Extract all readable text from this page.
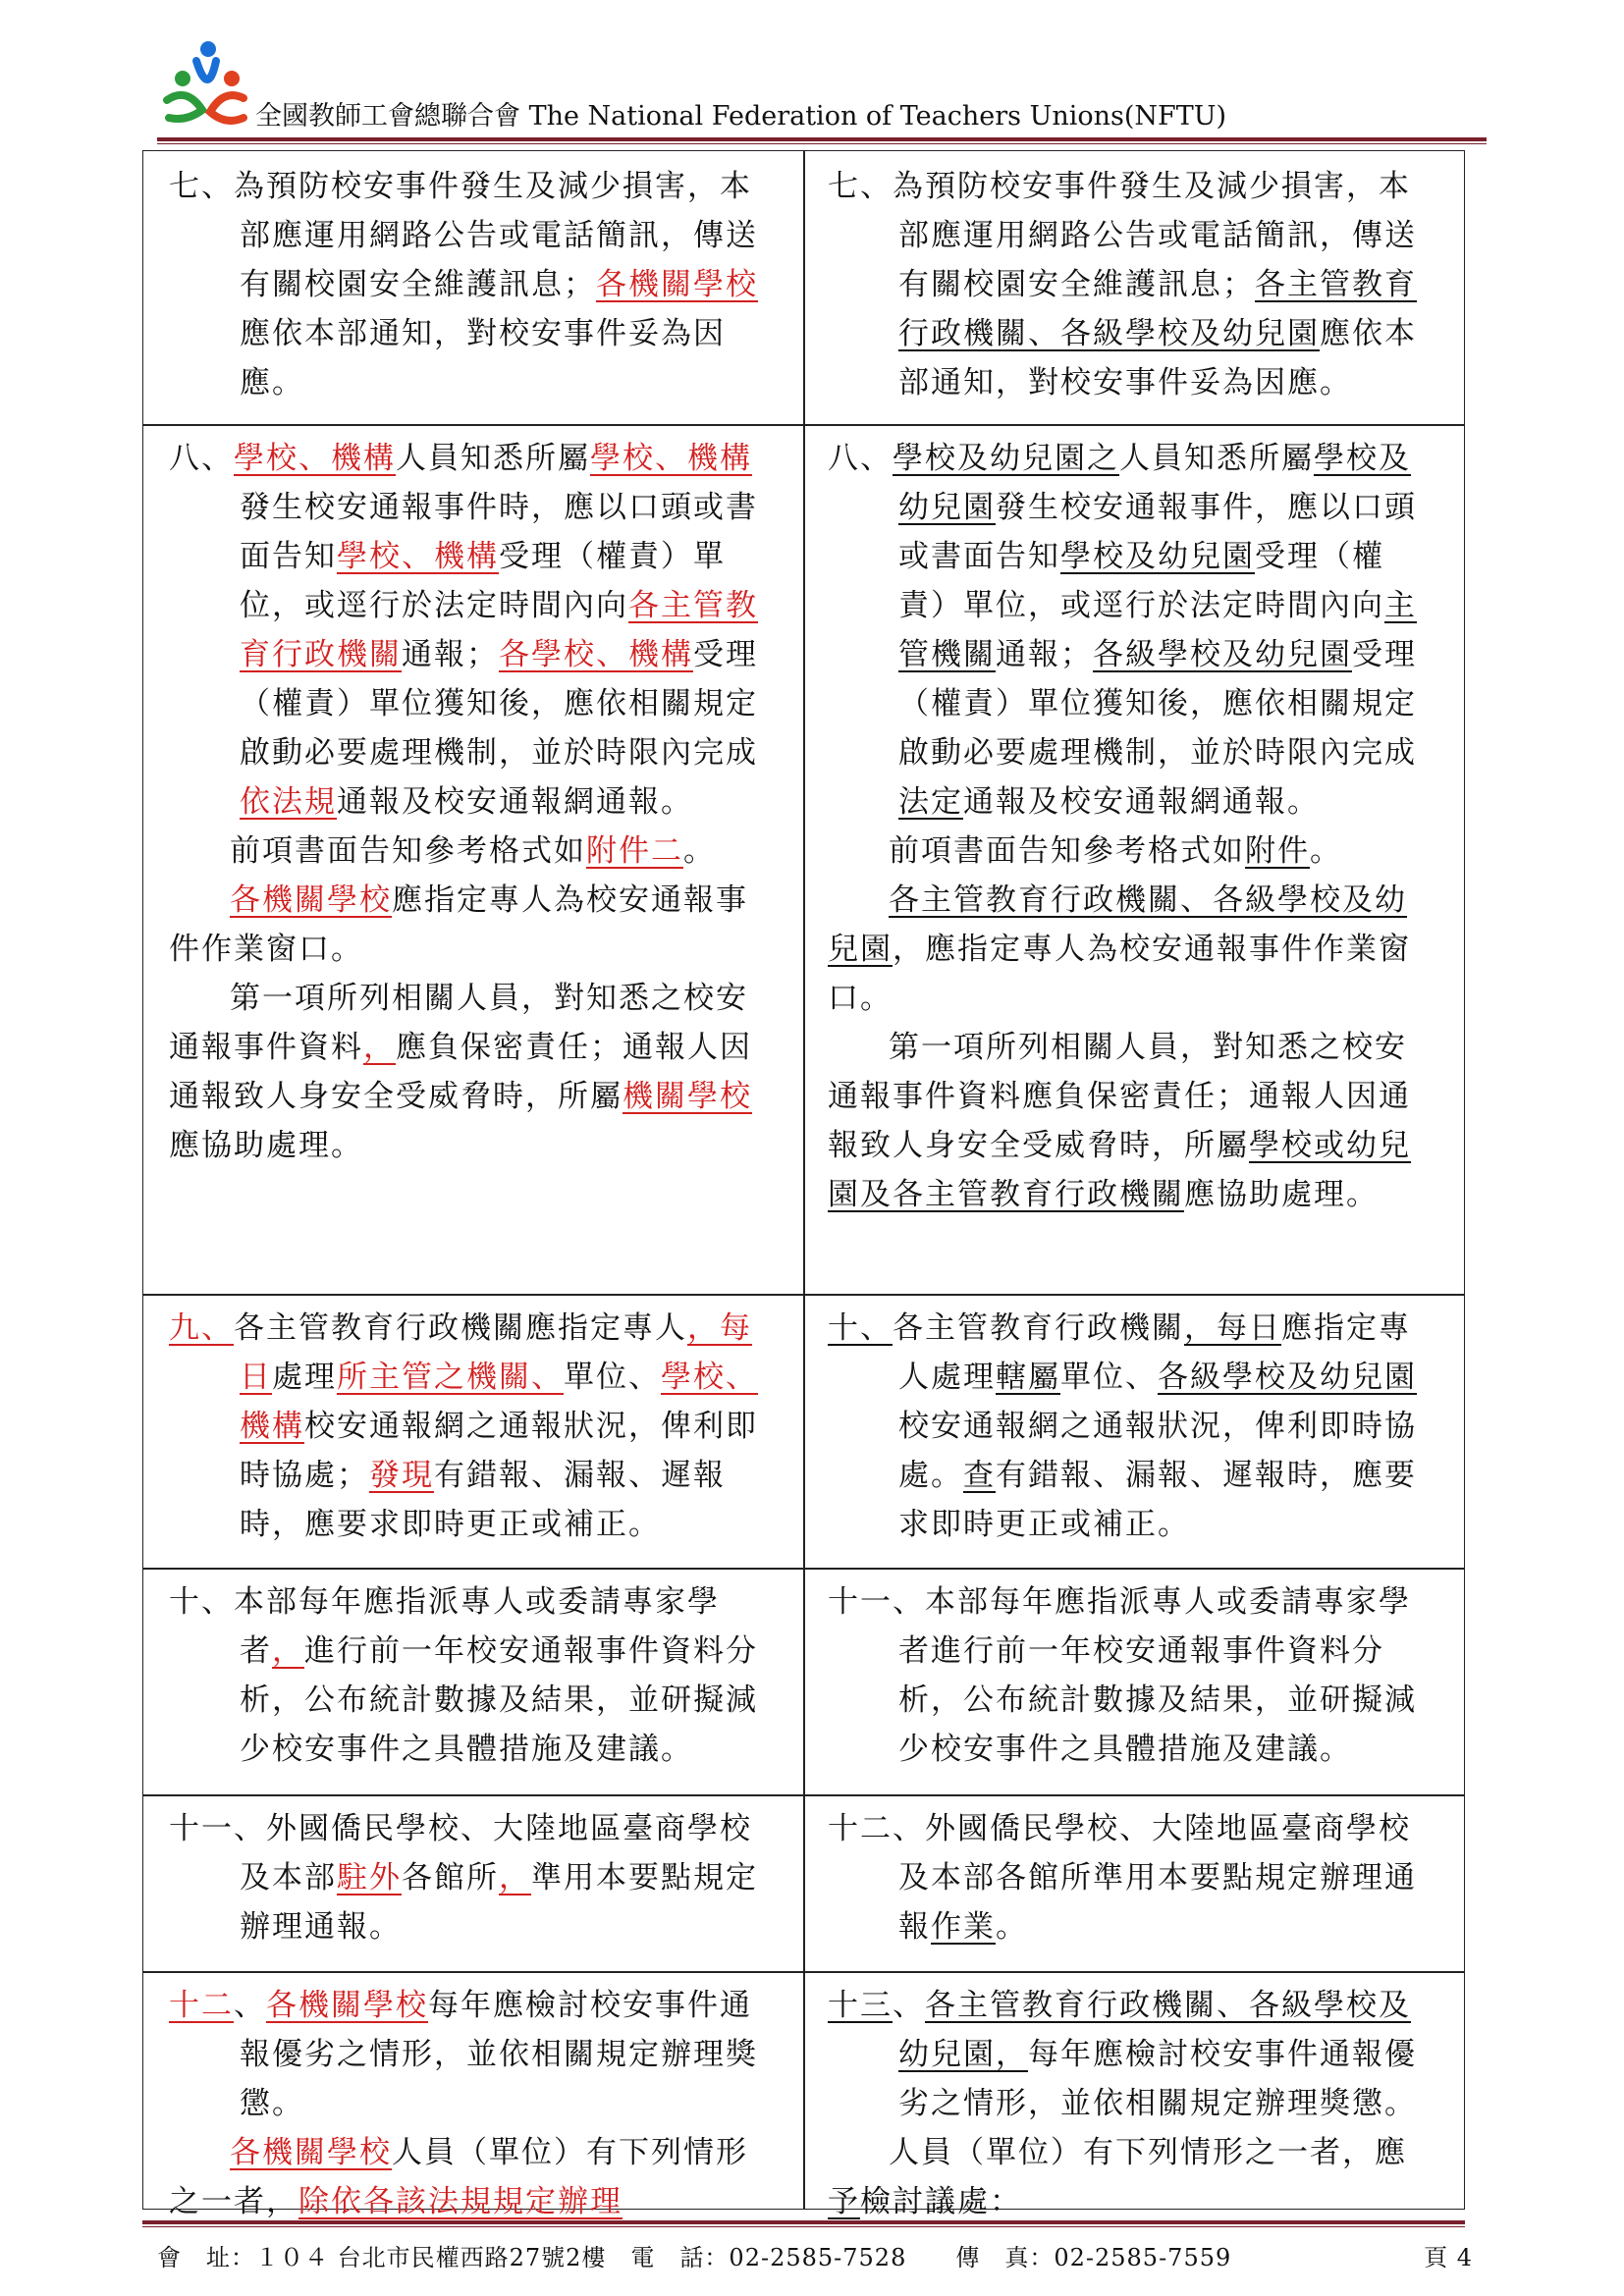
全國教師工會總聯合會 The National Federation of Teachers Unions(NFTU)

七、為預防校安事件發生及減少損害，本部應運用網路公告或電話簡訊，傳送有關校園安全維護訊息；各機關學校應依本部通知，對校安事件妥為因應。

七、為預防校安事件發生及減少損害，本部應運用網路公告或電話簡訊，傳送有關校園安全維護訊息；各主管教育行政機關、各級學校及幼兒園應依本部通知，對校安事件妥為因應。

八、學校、機構人員知悉所屬學校、機構發生校安通報事件時，應以口頭或書面告知學校、機構受理（權責）單位，或逕行於法定時間內向各主管教育行政機關通報；各學校、機構受理（權責）單位獲知後，應依相關規定啟動必要處理機制，並於時限內完成依法規通報及校安通報網通報。

前項書面告知參考格式如附件二。

各機關學校應指定專人為校安通報事件作業窗口。

第一項所列相關人員，對知悉之校安通報事件資料，應負保密責任；通報人因通報致人身安全受威脅時，所屬機關學校應協助處理。

八、學校及幼兒園之人員知悉所屬學校及幼兒園發生校安通報事件，應以口頭或書面告知學校及幼兒園受理（權責）單位，或逕行於法定時間內向主管機關通報；各級學校及幼兒園受理（權責）單位獲知後，應依相關規定啟動必要處理機制，並於時限內完成法定通報及校安通報網通報。

前項書面告知參考格式如附件。

各主管教育行政機關、各級學校及幼兒園，應指定專人為校安通報事件作業窗口。

第一項所列相關人員，對知悉之校安通報事件資料應負保密責任；通報人因通報致人身安全受威脅時，所屬學校或幼兒園及各主管教育行政機關應協助處理。

九、各主管教育行政機關應指定專人，每日處理所主管之機關、單位、學校、機構校安通報網之通報狀況，俾利即時協處；發現有錯報、漏報、遲報時，應要求即時更正或補正。

十、各主管教育行政機關，每日應指定專人處理轄屬單位、各級學校及幼兒園校安通報網之通報狀況，俾利即時協處。查有錯報、漏報、遲報時，應要求即時更正或補正。

十、本部每年應指派專人或委請專家學者，進行前一年校安通報事件資料分析，公布統計數據及結果，並研擬減少校安事件之具體措施及建議。

十一、本部每年應指派專人或委請專家學者進行前一年校安通報事件資料分析，公布統計數據及結果，並研擬減少校安事件之具體措施及建議。

十一、外國僑民學校、大陸地區臺商學校及本部駐外各館所，準用本要點規定辦理通報。

十二、外國僑民學校、大陸地區臺商學校及本部各館所準用本要點規定辦理通報作業。

十二、各機關學校每年應檢討校安事件通報優劣之情形，並依相關規定辦理獎懲。

各機關學校人員（單位）有下列情形之一者，除依各該法規規定辦理

十三、各主管教育行政機關、各級學校及幼兒園，每年應檢討校安事件通報優劣之情形，並依相關規定辦理獎懲。

人員（單位）有下列情形之一者，應予檢討議處：

會　址：１０４ 台北市民權西路27號2樓　電　話：02-2585-7528　　傳　真：02-2585-7559	頁 4
